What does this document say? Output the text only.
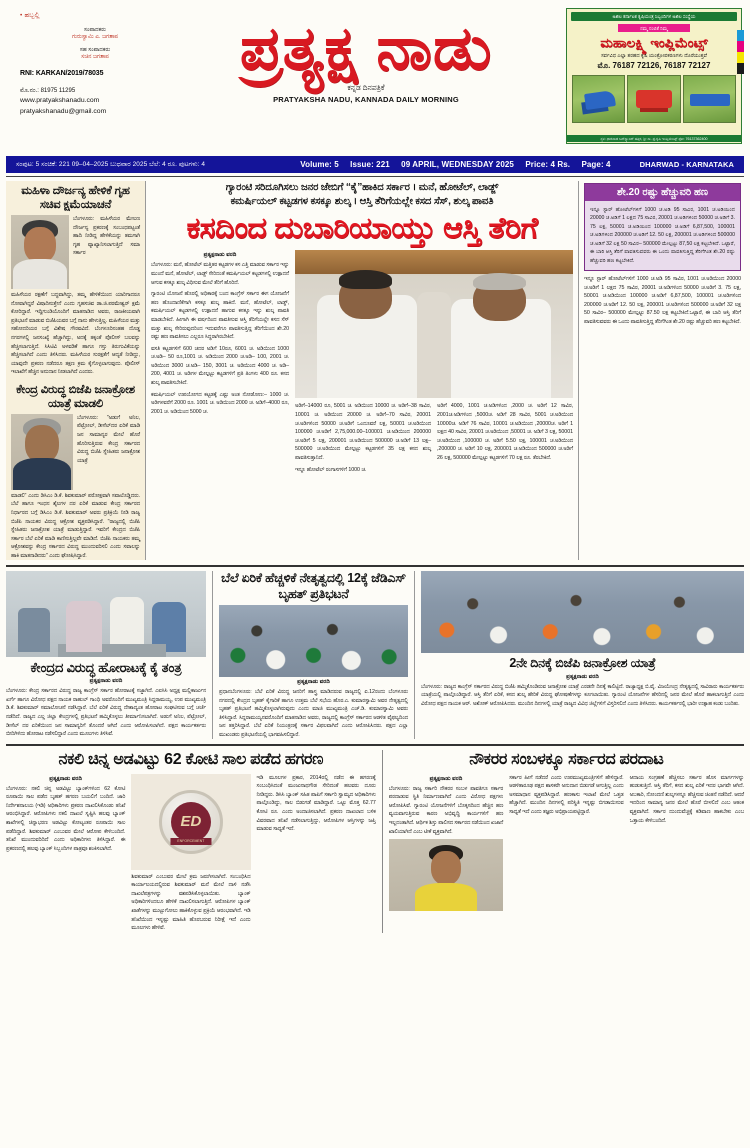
• ಹಬ್ಬಲ್ಲಿ
ಸಂಪಾದಕರು
ಗುರುಸ್ವಾಮಿ ಎ. ಜಗತಾಪ
ಸಹ ಸಂಪಾದಕರು
ಸಚಿನ ಜಗತಾಪ
RNI: KARKAN/2019/78035
ಮೊ.ನಂ.: 81975 11295
www.pratyakshanadu.com
pratyakshanadu@gmail.com
ಪ್ರತ್ಯಕ್ಷ ನಾಡು
ಕನ್ನಡ ದಿನಪತ್ರಿಕೆ
PRATYAKSHA NADU, KANNADA DAILY MORNING
ಅಖಿಲ ಕರ್ನಾಟಕ ಕೃಷಿಯಂತ್ರ ಸಿಬ್ಬಂದಿಗಳ ಅಖಿಲ ಸಂಸ್ಥೆಯ
ನಮ್ಮ ನಂಬಿಕೆ ನಿಮ್ಮ
ಮಹಾಲಕ್ಷ್ಮಿ ಇಂಪ್ಲಿಮೆಂಟ್ಸ್
ಸರ್ವವಿಧ ಎಲ್ಲಾ ತರಹದ ಕೃಷಿ ಯಂತ್ರೋಪಕರಣಗಳು ದೊರೆಯುತ್ತವೆ
ಮೊ. 76187 72126, 76187 72127
ಸ್ಥಳ: ಧಾರವಾಡ ಬಸ್‌ಸ್ಟ್ಯಾಂಡ್ ಹತ್ತಿರ, ಶ್ರೀ ಸಾ. ಪ್ರ.ಕೃಷಿ ಇಂಪ್ಲಿಮೆಂಟ್ಸ್ ಫೋ: 76137362400
ಸಂಪುಟ: 5 ಸಂಚಿಕೆ: 221 09–04–2025 ಬುಧವಾರ 2025 ಬೆಲೆ: 4 ರೂ. ಪುಟಗಳು: 4	Volume: 5 Issue: 221 09 APRIL, WEDNESDAY 2025 Price: 4 Rs. Page: 4	DHARWAD - KARNATAKA
ಮಹಿಳಾ ದೌರ್ಜನ್ಯ ಹೇಳಿಕೆ ಗೃಹ ಸಚಿವ ಕ್ಷಮೆಯಾಚನೆ
ಬೆಂಗಳೂರು: ಮಹಿಳೆಯರ ಮೇಲಣ ದೌರ್ಜನ್ಯ ಪ್ರಕರಣಕ್ಕೆ ಸಂಬಂಧಪಟ್ಟಂತೆ ಹಾದಿ ನೀಡಿದ್ದ ಹೇಳಿಕೆಯನ್ನು ತಮಗಾಗಿ ಗೃಹ ವ್ಯಾಖ್ಯಾನಿಸಲಾಗುತ್ತಿದೆ ಸಮಾ ಸರ್ಕಾರ
ಮಹಿಳೆಯರ ರಕ್ಷಣೆಗೆ ಬದ್ಧವಾಗಿದ್ದು, ತಮ್ಮ ಹೇಳಿಕೆಯಿಂದ ಯಾರಿಗಾದರೂ ನೋವಾಗಿದ್ದರೆ ವಿಷಾದಿಸುತ್ತೇನೆ ಎಂದು ಗೃಹಸಚಿವ ಡಾ.ಜಿ.ಪರಮೇಶ್ವರ್ ಕ್ಷಮೆ ಕೋರಿದ್ದಾರೆ. ಇದ್ದಿಗುಂಡಿಯೊಂದಿಗೆ ಮಾತನಾಡಿದ ಅವರು, ರಾಜಕೀಯವಾಗಿ ಪ್ರತಿಭಟನೆ ಮಾಡುವ ಬಿಜೆಪಿಯವರ ಬಗ್ಗೆ ನಾನು ಹೇಳುತ್ತಿಲ್ಲ. ಮಹಿಳೆಯರ ಮತ್ತು ಸಹೋದರಿಯರ ಬಗ್ಗೆ ವಿಶೇಷ ಗೌರವವಿದೆ. ಬೆಂಗಳೂರಿನಂತಹ ದೊಡ್ಡ ನಗರಗಳಲ್ಲಿ ಜನಸಂಖ್ಯೆ ಹೆಚ್ಚಾಗಿದ್ದು, ಅದಕ್ಕೆ ತಕ್ಕಂತೆ ಪೊಲೀಸ್ ಬಲವನ್ನು ಹೆಚ್ಚಿಸಲಾಗುತ್ತಿದೆ. ಸಿಸಿಟಿವಿ ಅಳವಡಿಕೆ ಹಾಗೂ ಗಸ್ತು ತಿರುಗುವಿಕೆಯನ್ನು ಹೆಚ್ಚಿಸಲಾಗಿದೆ ಎಂದು ತಿಳಿಸಿದರು. ಮಹಿಳೆಯರ ಸುರಕ್ಷತೆಗೆ ಆದ್ಯತೆ ನೀಡಿದ್ದು, ಯಾವುದೇ ಪ್ರಕರಣ ನಡೆದರೂ ತಕ್ಷಣ ಕ್ರಮ ಕೈಗೊಳ್ಳಲಾಗುವುದು. ಪೊಲೀಸ್ ಇಲಾಖೆಗೆ ಹೆಚ್ಚಿನ ಅನುದಾನ ನೀಡಲಾಗಿದೆ ಎಂದರು.
ಕೇಂದ್ರ ವಿರುದ್ಧ ಬಿಜೆಪಿ ಜನಾಕ್ರೋಶ ಯಾತ್ರೆ ಮಾಡಲಿ
ಬೆಂಗಳೂರು: "ಅಡುಗೆ ಅನಿಲ, ಪೆಟ್ರೋಲ್, ಡೀಸೆಲ್‌ದರ ಏರಿಕೆ ಮಾಡಿ ಜನ ಸಾಮಾನ್ಯರ ಮೇಲೆ ಹೊರೆ ಹೊರಿಸುತ್ತಿರುವ ಕೇಂದ್ರ ಸರ್ಕಾರದ ವಿರುದ್ಧ ಬಿಜೆಪಿ ಸ್ನೇಹಿತರು ಜನಾಕ್ರೋಶ ಯಾತ್ರೆ
ಮಾಡಲಿ" ಎಂದು ಡಿಸಿಎಂ ಡಿ.ಕೆ. ಶಿವಕುಮಾರ್ ಪರೋಕ್ಷವಾಗಿ ಸವಾಲೊಡ್ಡಿದರು. ಬೆಲೆ ಹಾಗೂ ಇಂಧನ ಶೈಲಗಳ ದರ ಏರಿಕೆ ಮಾಡುವ ಕೇಂದ್ರ ಸರ್ಕಾರದ ನಿರ್ಧಾರದ ಬಗ್ಗೆ ಡಿಸಿಎಂ ಡಿ.ಕೆ. ಶಿವಕುಮಾರ್ ಅವರು ಪ್ರತಿಕ್ರಿಯೆ ನೀಡಿ ರಾಜ್ಯ ಬಿಜೆಪಿ ನಾಯಕರ ವಿರುದ್ಧ ಆಕ್ರೋಶ ವ್ಯಕ್ತಪಡಿಸಿದ್ದಾರೆ. "ರಾಜ್ಯದಲ್ಲಿ ಬಿಜೆಪಿ ಸ್ನೇಹಿತರು ಜನಾಕ್ರೋಶ ಯಾತ್ರೆ ಮಾಡುತ್ತಿದ್ದಾರೆ. ಇವರಿಗೆ ಕೇಂದ್ರದ ಬಿಜೆಪಿ ಸರ್ಕಾರ ಬೆಲೆ ಏರಿಕೆ ಮಾಡಿ ಕಾಣಿಸುತ್ತಿಲ್ಲವೇ ಮಾಡಿದೆ. ಬಿಜೆಪಿ ನಾಯಕರು ತಮ್ಮ ಆಕ್ರೋಶವನ್ನು ಕೇಂದ್ರ ಸರ್ಕಾರದ ವಿರುದ್ಧ ಮುಂದುವರಿಸಲಿ ಎಂದು ಸವಾಲನ್ನು ಹಾಕಿ ಮಾತನಾಡಿದರು" ಎಂದು ಘೋಷಿಸಿದ್ದಾರೆ.
ಗ್ಯಾರಂಟಿ ಸರಿದೂಗಿಸಲು ಜನರ ಜೇಬಿಗೆ “ಕೈ”ಹಾಕಿದ ಸರ್ಕಾರ । ಮನೆ, ಹೋಟೆಲ್, ಲಾಡ್ಜ್
ಕಮರ್ಷಿಯಲ್ ಕಟ್ಟಡಗಳ ಕಸಕ್ಕೂ ಶುಲ್ಕ । ಆಸ್ತಿ ತೆರಿಗೆಯಲ್ಲೇ ಕಸದ ಸೆಸ್, ಶುಲ್ಕ ಪಾವತಿ
ಕಸದಿಂದ ದುಬಾರಿಯಾಯ್ತು ಆಸ್ತಿ ತೆರಿಗೆ
ಪ್ರತ್ಯಕ್ಷನಾಡು ವರದಿ
ಬೆಂಗಳೂರು: ಮನೆ, ಹೋಟೆಲ್ ಮತ್ತಿತರ ಕಟ್ಟಡಗಳ ಕಸ ಎತ್ತಿ ಮಾಡುವ ಸರ್ಕಾರ ಇನ್ನು ಮುಂದೆ ಮನೆ, ಹೋಟೆಲ್, ಲಾಡ್ಜ್ ಸೇರಿದಂತೆ ಕಮರ್ಷಿಯಲ್ ಕಟ್ಟಡಗಳಲ್ಲಿ ಉತ್ಪಾದನೆ ಆಗುವ ಕಸಕ್ಕೂ ಶುಲ್ಕ ವಿಧಿಸುವ ಮೇಲೆ ತೆರಿಗೆ ಹೊರಿದೆ.
ಗ್ಯಾರಂಟಿ ಯೋಜನೆ ಹೊರಲ್ಲಿ ಅಧಿಕಾರಕ್ಕೆ ಬಂದ ಕಾಂಗ್ರೆಸ್ ಸರ್ಕಾರ ಈಗ ಯೋಜನೆಗೆ ಹಣ ಹೊಂದಾಣಿಕೆಗಾಗಿ ಕಸಕ್ಕೂ ಶುಲ್ಕ ಹಾಕಿದೆ. ಮನೆ, ಹೋಟೆಲ್, ಲಾಡ್ಜ್, ಕಮರ್ಷಿಯಲ್ ಕಟ್ಟಡಗಳಲ್ಲಿ ಉತ್ಪಾದನೆ ಹಾಗುವ ಕಸಕ್ಕೂ ಇನ್ನು ಶುಲ್ಕ ಪಾವತಿ ಮಾಡಬೇಕಿದೆ. ಹೀಗಾಗಿ ಈ ವರ್ಷದಿಂದ ಪಾವತಿಸುವ ಆಸ್ತಿ ತೆರಿಗೆಯಲ್ಲೇ ಕಸದ ಸೆಸ್ ಮತ್ತು ಶುಲ್ಕ ಸೇರಿರುವುದರಿಂದ ಇದುವರೆಗೂ ಪಾವತಿಸುತ್ತಿದ್ದ ತೆರಿಗೆಯಿಂದ ಶೇ.20 ರಷ್ಟು ಹಣ ಪಾವತಿಸಲು ಎಲ್ಲರೂ ಸಿದ್ಧರಾಗಿರಬೇಕಿದೆ.
ವಸತಿ ಕಟ್ಟಡಗಳಿಗೆ 600 ಚದರ ಅಡಿಗೆ 10ರೂ, 6001 ಚ. ಅಡಿಯಿಂದ 1000 ಚ.ಅಡಿ– 50 ರೂ,1001 ಚ. ಅಡಿಯಿಂದ 2000 ಚ.ಅಡಿ– 100, 2001 ಚ. ಅಡಿಯಿಂದ 3000 ಚ.ಅಡಿ– 150, 3001 ಚ. ಅಡಿಯಿಂದ 4000 ಚ. ಅಡಿ– 200, 4001 ಚ. ಅಡಿಗಳ ಮೇಲ್ಪಟ್ಟು ಕಟ್ಟಡಗಳಿಗೆ ಪ್ರತಿ ತಿಂಗಳು 400 ರೂ. ಕಸದ ಶುಲ್ಕ ಪಾವತಿಸಬೇಕಿದೆ.
ಕಮರ್ಷಿಯಲ್ ಉಪಯೋಗದ ಕಟ್ಟಡಕ್ಕೆ ಎಷ್ಟು ಅಂತ ನೋಡೋಣ:– 1000 ಚ. ಅಡಿಗಳವರೆಗೆ 2000 ರೂ. 1001 ಚ. ಅಡಿಯಿಂದ 2000 ಚ. ಅಡಿಗೆ–4000 ರೂ, 2001 ಚ. ಅಡಿಯಿಂದ 5000 ಚ.
ಅಡಿಗೆ–14000 ರೂ, 5001 ಚ. ಅಡಿಯಿಂದ 10000 ಚ. ಅಡಿಗೆ–38 ಸಾವಿರ, 10001 ಚ. ಅಡಿಯಿಂದ 20000 ಚ. ಅಡಿಗೆ–70 ಸಾವಿರ, 20001 ಚ.ಅಡಿಗಳಿಂದ 50000 ಚ.ಅಡಿಗೆ ಒಂದೂವರೆ ಲಕ್ಷ, 50001 ಚ.ಅಡಿಯಿಂದ 100000 ಚ.ಅಡಿಗೆ 2,75,000.00–100001 ಚ.ಅಡಿಯಿಂದ 200000 ಚ.ಅಡಿಗೆ 5 ಲಕ್ಷ, 200001 ಚ.ಅಡಿಯಿಂದ 500000 ಚ.ಅಡಿಗೆ 13 ಲಕ್ಷ–500000 ಚ.ಅಡಿಯಿಂದ ಮೇಲ್ಪಟ್ಟು ಕಟ್ಟಡಗಳಿಗೆ 35 ಲಕ್ಷ ಕಸದ ಶುಲ್ಕ ಪಾವತಿಸುತ್ತಾನಿದೆ.
ಇನ್ನೂ ಹೋಟೆಲ್ ರಂಗಾಸಗಳಿಗೆ 1000 ಚ.
ಅಡಿಗೆ 4000, 1001 ಚ.ಅಡಿಗಳಿಂದ ,2000 ಚ. ಅಡಿಗೆ 12 ಸಾವಿರ, 2001ಚ.ಅಡಿಗಳಿಂದ ,5000ಚ. ಅಡಿಗೆ 28 ಸಾವಿರ, 5001 ಚ.ಅಡಿಯಿಂದ 10000ಚ. ಅಡಿಗೆ 76 ಸಾವಿರ, 10001 ಚ.ಅಡಿಯಿಂದ ,20000ಚ. ಅಡಿಗೆ 1 ಲಕ್ಷದ 40 ಸಾವಿರ, 20001 ಚ.ಅಡಿಯಿಂದ ,50001 ಚ. ಅಡಿಗೆ 3 ಲಕ್ಷ, 50001 ಚ.ಅಡಿಯಿಂದ ,100000 ಚ. ಅಡಿಗೆ 5.50 ಲಕ್ಷ, 100001 ಚ.ಅಡಿಯಿಂದ ,200000 ಚ. ಅಡಿಗೆ 10 ಲಕ್ಷ, 200001 ಚ.ಅಡಿಯಿಂದ 500000 ಚ.ಅಡಿಗೆ 26 ಲಕ್ಷ, 500000 ಮೇಲ್ಪಟ್ಟು ಕಟ್ಟಡಗಳಿಗೆ 70 ಲಕ್ಷ ರೂ. ತೆರಬೇಕಿದೆ.
ಶೇ.20 ರಷ್ಟು ಹೆಚ್ಚುವರಿ ಹಣ
ಇನ್ನೂ ಸ್ಟಾರ್ ಹೋಟೆಲ್‌ಗಳಿಗೆ 1000 ಚ.ಅಡಿ 95 ಸಾವಿರ, 1001 ಚ.ಅಡಿಯಿಂದ 20000 ಚ.ಅಡಿಗೆ 1 ಲಕ್ಷದ 75 ಸಾವಿರ, 20001 ಚ.ಅಡಿಗಳಿಂದ 50000 ಚ.ಅಡಿಗೆ 3. 75 ಲಕ್ಷ, 50001 ಚ.ಅಡಿಯಿಂದ 100000 ಚ.ಅಡಿಗೆ 6,87,500, 100001 ಚ.ಅಡಿಗಳಿಂದ 200000 ಚ.ಅಡಿಗೆ 12. 50 ಲಕ್ಷ, 200001 ಚ.ಅಡಿಗಳಿಂದ 500000 ಚ.ಅಡಿಗೆ 32 ಲಕ್ಷ 50 ಸಾವಿರ– 500000 ಮೇಲ್ಪಟ್ಟು 87,50 ಲಕ್ಷ ಕಟ್ಟಬೇಕಿದೆ. ಒಟ್ಟಾರೆ, ಈ ಬಾರಿ ಆಸ್ತಿ ತೆರಿಗೆ ಪಾವತಿಸುವವರು ಈ ಒಂದು ಪಾವತಿಸುತ್ತಿದ್ದ ತೆರಿಗೆಗಿಂತ ಶೇ.20 ರಷ್ಟು ಹೆಚ್ಚುವರಿ ಹಣ ಕಟ್ಟಬೇಕಿದೆ.
ಇನ್ನೂ ಸ್ಟಾರ್ ಹೋಟೆಲ್‌ಗಳಿಗೆ 1000 ಚ.ಅಡಿ 95 ಸಾವಿರ, 1001 ಚ.ಅಡಿಯಿಂದ 20000 ಚ.ಅಡಿಗೆ 1 ಲಕ್ಷದ 75 ಸಾವಿರ, 20001 ಚ.ಅಡಿಗಳಿಂದ 50000 ಚ.ಅಡಿಗೆ 3. 75 ಲಕ್ಷ, 50001 ಚ.ಅಡಿಯಿಂದ 100000 ಚ.ಅಡಿಗೆ 6,87,500, 100001 ಚ.ಅಡಿಗಳಿಂದ 200000 ಚ.ಅಡಿಗೆ 12. 50 ಲಕ್ಷ, 200001 ಚ.ಅಡಿಗಳಿಂದ 500000 ಚ.ಅಡಿಗೆ 32 ಲಕ್ಷ 50 ಸಾವಿರ– 500000 ಮೇಲ್ಪಟ್ಟು 87.50 ಲಕ್ಷ ಕಟ್ಟಬೇಕಿದೆ.ಒಟ್ಟಾರೆ, ಈ ಬಾರಿ ಆಸ್ತಿ ತೆರಿಗೆ ಪಾವತಿಸುವವರು ಈ ಒಂದು ಪಾವತಿಸುತ್ತಿದ್ದ ತೆರಿಗೆಗಿಂತ ಶೇ.20 ರಷ್ಟು ಹೆಚ್ಚುವರಿ ಹಣ ಕಟ್ಟಬೇಕಿದೆ.
ಕೇಂದ್ರದ ವಿರುದ್ಧ ಹೋರಾಟಕ್ಕೆ ಕೈ ತಂತ್ರ
ಪ್ರತ್ಯಕ್ಷನಾಡು ವರದಿ
ಬೆಂಗಳೂರು: ಕೇಂದ್ರ ಸರ್ಕಾರದ ವಿರುದ್ಧ ರಾಜ್ಯ ಕಾಂಗ್ರೆಸ್ ಸರ್ಕಾರ ಹೋರಾಟಕ್ಕೆ ಸಜ್ಜಾಗಿದೆ. ಎಐಸಿಸಿ ಅಧ್ಯಕ್ಷ ಮಲ್ಲಿಕಾರ್ಜುನ ಖರ್ಗೆ ಹಾಗೂ ವಿರೋಧ ಪಕ್ಷದ ನಾಯಕ ರಾಹುಲ್ ಗಾಂಧಿ ಅವರೊಂದಿಗೆ ಮುಖ್ಯಮಂತ್ರಿ ಸಿದ್ದರಾಮಯ್ಯ, ಉಪ ಮುಖ್ಯಮಂತ್ರಿ ಡಿ.ಕೆ. ಶಿವಕುಮಾರ್ ಸಮಾಲೋಚನೆ ನಡೆಸಿದ್ದಾರೆ. ಬೆಲೆ ಏರಿಕೆ ವಿರುದ್ಧ ದೇಶಾದ್ಯಂತ ಹೋರಾಟ ಸಂಘಟಿಸುವ ಬಗ್ಗೆ ಚರ್ಚೆ ನಡೆದಿದೆ. ರಾಜ್ಯದ ಎಲ್ಲ ಜಿಲ್ಲಾ ಕೇಂದ್ರಗಳಲ್ಲಿ ಪ್ರತಿಭಟನೆ ಹಮ್ಮಿಕೊಳ್ಳಲು ತೀರ್ಮಾನಿಸಲಾಗಿದೆ. ಅಡುಗೆ ಅನಿಲ, ಪೆಟ್ರೋಲ್, ಡೀಸೆಲ್ ದರ ಏರಿಕೆಯಿಂದ ಜನ ಸಾಮಾನ್ಯರಿಗೆ ತೊಂದರೆ ಆಗಿದೆ ಎಂದು ಆರೋಪಿಸಲಾಗಿದೆ. ಪಕ್ಷದ ಕಾರ್ಯಕರ್ತರು ಬೀದಿಗಿಳಿದು ಹೋರಾಟ ನಡೆಸಲಿದ್ದಾರೆ ಎಂದು ಮೂಲಗಳು ತಿಳಿಸಿವೆ.
ಬೆಲೆ ಏರಿಕೆ ಹೆಚ್ಚಳಿಕೆ ನೇತೃತ್ವದಲ್ಲಿ 12ಕ್ಕೆ ಜೆಡಿಎಸ್ ಬೃಹತ್ ಪ್ರತಿಭಟನೆ
ಪ್ರತ್ಯಕ್ಷನಾಡು ವರದಿ
ಪ್ರಧಾನಬೆಂಗಳೂರು: ಬೆಲೆ ಏರಿಕೆ ವಿರುದ್ಧ ಜನರಿಗೆ ಹಾಸ್ತ್ರ ಮಾಡಿದರುವ ರಾಜ್ಯದಲ್ಲಿ ಏ.12ರಂದು ಬೆಂಗಳೂರು ನಗರದಲ್ಲಿ ಕೇಂದ್ರದ ಬೃಹತ್ ಕೈಗಾರಿಕೆ ಹಾಗೂ ಉತ್ತಮ ಬೆಲೆ ಸಭೆಯ ಹೊರ.ಎ. ಕುಮಾರಸ್ವಾಮಿ ಅವರ ನೇತೃತ್ವದಲ್ಲಿ ಬೃಹತ್ ಪ್ರತಿಭಟನೆ ಹಮ್ಮಿಕೊಳ್ಳಲಾಗಿರುವುದು ಎಂದು ಮಾಜಿ ಮುಖ್ಯಮಂತ್ರಿ ಎಚ್.ಡಿ. ಕುಮಾರಸ್ವಾಮಿ ಅವರು ತಿಳಿಸಿದ್ದಾರೆ. ಸಿದ್ದರಾಮಯ್ಯನವರೊಂದಿಗೆ ಮಾತನಾಡಿದ ಅವರು, ರಾಜ್ಯದಲ್ಲಿ ಕಾಂಗ್ರೆಸ್ ಸರ್ಕಾರದ ಆಡಳಿತ ವೈಫಲ್ಯದಿಂದ ಜನ ತತ್ತರಿಸಿದ್ದಾರೆ. ಬೆಲೆ ಏರಿಕೆ ನಿಯಂತ್ರಣಕ್ಕೆ ಸರ್ಕಾರ ವಿಫಲವಾಗಿದೆ ಎಂದು ಆರೋಪಿಸಿದರು. ಪಕ್ಷದ ಎಲ್ಲಾ ಮುಖಂಡರು ಪ್ರತಿಭಟನೆಯಲ್ಲಿ ಭಾಗವಹಿಸಲಿದ್ದಾರೆ.
2ನೇ ದಿನಕ್ಕೆ ಬಿಜೆಪಿ ಜನಾಕ್ರೋಶ ಯಾತ್ರೆ
ಪ್ರತ್ಯಕ್ಷನಾಡು ವರದಿ
ಬೆಂಗಳೂರು: ರಾಜ್ಯದ ಕಾಂಗ್ರೆಸ್ ಸರ್ಕಾರದ ವಿರುದ್ಧ ಬಿಜೆಪಿ ಹಮ್ಮಿಕೊಂಡಿರುವ ಜನಾಕ್ರೋಶ ಯಾತ್ರೆ ಎರಡನೇ ದಿನಕ್ಕೆ ಕಾಲಿಟ್ಟಿದೆ. ರಾಜ್ಯಾಧ್ಯಕ್ಷ ಬಿ.ವೈ. ವಿಜಯೇಂದ್ರ ನೇತೃತ್ವದಲ್ಲಿ ಸಾವಿರಾರು ಕಾರ್ಯಕರ್ತರು ಯಾತ್ರೆಯಲ್ಲಿ ಪಾಲ್ಗೊಂಡಿದ್ದಾರೆ. ಆಸ್ತಿ ತೆರಿಗೆ ಏರಿಕೆ, ಕಸದ ಶುಲ್ಕ ಹೇರಿಕೆ ವಿರುದ್ಧ ಘೋಷಣೆಗಳನ್ನು ಕೂಗಲಾಯಿತು. ಗ್ಯಾರಂಟಿ ಯೋಜನೆಗಳ ಹೆಸರಿನಲ್ಲಿ ಜನರ ಮೇಲೆ ಹೊರೆ ಹಾಕಲಾಗುತ್ತಿದೆ ಎಂದು ವಿರೋಧ ಪಕ್ಷದ ನಾಯಕ ಆರ್. ಅಶೋಕ್ ಆರೋಪಿಸಿದರು. ಮುಂದಿನ ದಿನಗಳಲ್ಲಿ ಯಾತ್ರೆ ರಾಜ್ಯದ ವಿವಿಧ ಜಿಲ್ಲೆಗಳಿಗೆ ವಿಸ್ತರಿಸಲಿದೆ ಎಂದು ತಿಳಿಸಿದರು. ಕಾರ್ಯಕರ್ತರಲ್ಲಿ ಭಾರೀ ಉತ್ಸಾಹ ಕಂಡು ಬಂದಿತು.
ನಕಲಿ ಚಿನ್ನ ಅಡವಿಟ್ಟು 62 ಕೋಟಿ ಸಾಲ ಪಡೆದ ಹಗರಣ
ಪ್ರತ್ಯಕ್ಷನಾಡು ವರದಿ
ಬೆಂಗಳೂರು: ನಕಲಿ ಚಿನ್ನ ಅಡವಿಟ್ಟು ಬ್ಯಾಂಕ್‌ಗಳಿಂದ 62 ಕೋಟಿ ರೂಪಾಯಿ ಸಾಲ ಪಡೆದ ಬೃಹತ್ ಹಗರಣ ಬಯಲಿಗೆ ಬಂದಿದೆ. ಜಾರಿ ನಿರ್ದೇಶನಾಲಯ (ಇಡಿ) ಅಧಿಕಾರಿಗಳು ಪ್ರಕರಣ ದಾಖಲಿಸಿಕೊಂಡು ತನಿಖೆ ಆರಂಭಿಸಿದ್ದಾರೆ. ಆರೋಪಿಗಳು ನಕಲಿ ದಾಖಲೆ ಸೃಷ್ಟಿಸಿ ಹಲವು ಬ್ಯಾಂಕ್ ಶಾಖೆಗಳಲ್ಲಿ ಚಿನ್ನಾಭರಣ ಅಡವಿಟ್ಟು ಕೋಟ್ಯಂತರ ರೂಪಾಯಿ ಸಾಲ ಪಡೆದಿದ್ದಾರೆ. ಶಿವಕುಮಾರ್ ಎಂಬುವರ ಮೇಲೆ ಆರೋಪ ಕೇಳಿಬಂದಿದೆ. ತನಿಖೆ ಮುಂದುವರಿದಿದೆ ಎಂದು ಅಧಿಕಾರಿಗಳು ತಿಳಿಸಿದ್ದಾರೆ. ಈ ಪ್ರಕರಣದಲ್ಲಿ ಹಲವು ಬ್ಯಾಂಕ್ ಸಿಬ್ಬಂದಿಗಳ ಪಾತ್ರವೂ ಶಂಕಿಸಲಾಗಿದೆ.
ED
ENFORCEMENT
ಶಿವಕುಮಾರ್ ಎಂಬುವರ ಮೇಲೆ ಕ್ರಮ ಜರುಗಿಸಲಾಗಿದೆ. ಸಂಬಂಧಿಸಿದ ಕಾರ್ಯಾಲಯದಲ್ಲಿರುವ ಶಿವಕುಮಾರ್ ಮನೆ ಮೇಲೆ ದಾಳಿ ನಡೆಸಿ ದಾಖಲೆಪತ್ರಗಳನ್ನು ವಶಪಡಿಸಿಕೊಳ್ಳಲಾಯಿತು. ಬ್ಯಾಂಕ್ ಅಧಿಕಾರಿಗಳಿಂದಲೂ ಹೇಳಿಕೆ ದಾಖಲಿಸಲಾಗುತ್ತಿದೆ. ಆರೋಪಿಗಳ ಬ್ಯಾಂಕ್ ಖಾತೆಗಳನ್ನು ಮುಟ್ಟುಗೋಲು ಹಾಕಿಕೊಳ್ಳುವ ಪ್ರಕ್ರಿಯೆ ಆರಂಭವಾಗಿದೆ. ಇಡಿ ತನಿಖೆಯಿಂದ ಇನ್ನಷ್ಟು ಮಾಹಿತಿ ಹೊರಬರುವ ನಿರೀಕ್ಷೆ ಇದೆ ಎಂದು ಮೂಲಗಳು ಹೇಳಿವೆ.
ಇಡಿ ಮೂಲಗಳ ಪ್ರಕಾರ, 2014ರಲ್ಲಿ ನಡೆದ ಈ ಹಗರಣಕ್ಕೆ ಸಂಬಂಧಿಸಿದಂತೆ ಮಂಜುನಾಥಗೌಡ ಸೇರಿದಂತೆ ಹಲವರು ದೂರು ನೀಡಿದ್ದರು. ಡಿಸಿಸಿ ಬ್ಯಾಂಕ್ ಸಹಿತ ಪಾಪಿಗೆ ಸರ್ಕಾರಿ ಸ್ವಾಮ್ಯದ ಅಧಿಕಾರಿಗಳು ಪಾಲ್ಗೊಂಡಿದ್ದು, ಸಾಲ ಬಿಡುಗಡೆ ಮಾಡಿದ್ದಾರೆ. ಒಟ್ಟು ಮೊತ್ತ 62.77 ಕೋಟಿ ರೂ. ಎಂದು ಅಂದಾಜಿಸಲಾಗಿದೆ. ಪ್ರಕರಣ ದಾಖಲಾದ ಬಳಿಕ ವಿವರವಾದ ತನಿಖೆ ನಡೆಸಲಾಗುತ್ತಿದ್ದು, ಆರೋಪಿಗಳ ಆಸ್ತಿಗಳನ್ನು ಜಪ್ತಿ ಮಾಡುವ ಸಾಧ್ಯತೆ ಇದೆ.
ನೌಕರರ ಸಂಬಳಕ್ಕೂ ಸರ್ಕಾರದ ಪರದಾಟ
ಪ್ರತ್ಯಕ್ಷನಾಡು ವರದಿ
ಬೆಂಗಳೂರು: ರಾಜ್ಯ ಸರ್ಕಾರಿ ನೌಕರರ ಸಂಬಳ ಪಾವತಿಗೂ ಸರ್ಕಾರ ಪರದಾಡುವ ಸ್ಥಿತಿ ನಿರ್ಮಾಣವಾಗಿದೆ ಎಂದು ವಿರೋಧ ಪಕ್ಷಗಳು ಆರೋಪಿಸಿವೆ. ಗ್ಯಾರಂಟಿ ಯೋಜನೆಗಳಿಗೆ ಬೊಕ್ಕಸದಿಂದ ಹೆಚ್ಚಿನ ಹಣ ವ್ಯಯವಾಗುತ್ತಿರುವ ಕಾರಣ ಅಭಿವೃದ್ಧಿ ಕಾರ್ಯಗಳಿಗೆ ಹಣ ಇಲ್ಲದಂತಾಗಿದೆ. ಆರ್ಥಿಕ ಶಿಸ್ತು ಪಾಲಿಸದ ಸರ್ಕಾರದ ನಡೆಯಿಂದ ಖಜಾನೆ ಖಾಲಿಯಾಗಿದೆ ಎಂಬ ಟೀಕೆ ವ್ಯಕ್ತವಾಗಿದೆ.
ಸರ್ಕಾರ ಹೀಗೆ ನಡೆದರೆ ಎಂದು ಉಪಮುಖ್ಯಮಂತ್ರಿಗಳಿಗೆ ಹೇಳಿದ್ದಾರೆ. ಆಡಳಿತಾರೂಢ ಪಕ್ಷದ ಶಾಸಕರೇ ಅನುದಾನ ಬಿಡುಗಡೆ ಆಗುತ್ತಿಲ್ಲ ಎಂದು ಅಸಮಾಧಾನ ವ್ಯಕ್ತಪಡಿಸಿದ್ದಾರೆ. ಹಣಕಾಸು ಇಲಾಖೆ ಮೇಲೆ ಒತ್ತಡ ಹೆಚ್ಚಾಗಿದೆ. ಮುಂದಿನ ದಿನಗಳಲ್ಲಿ ಪರಿಸ್ಥಿತಿ ಇನ್ನಷ್ಟು ಬಿಗಡಾಯಿಸುವ ಸಾಧ್ಯತೆ ಇದೆ ಎಂದು ತಜ್ಞರು ಅಭಿಪ್ರಾಯಪಟ್ಟಿದ್ದಾರೆ.
ಆದಾಯ ಸಂಗ್ರಹಣೆ ಹೆಚ್ಚಿಸಲು ಸರ್ಕಾರ ಹೊಸ ಮಾರ್ಗಗಳನ್ನು ಹುಡುಕುತ್ತಿದೆ. ಆಸ್ತಿ ತೆರಿಗೆ, ಕಸದ ಶುಲ್ಕ ಏರಿಕೆ ಇದರ ಭಾಗವೇ ಆಗಿದೆ. ಅಬಕಾರಿ, ನೋಂದಣಿ ಶುಲ್ಕಗಳನ್ನೂ ಹೆಚ್ಚಿಸುವ ಚಿಂತನೆ ನಡೆದಿದೆ. ಆದರೆ ಇದರಿಂದ ಸಾಮಾನ್ಯ ಜನರ ಮೇಲೆ ಹೊರೆ ಬೀಳಲಿದೆ ಎಂಬ ಆತಂಕ ವ್ಯಕ್ತವಾಗಿದೆ. ಸರ್ಕಾರ ದುಂದುವೆಚ್ಚಕ್ಕೆ ಕಡಿವಾಣ ಹಾಕಬೇಕು ಎಂಬ ಒತ್ತಾಯ ಕೇಳಿಬಂದಿದೆ.
